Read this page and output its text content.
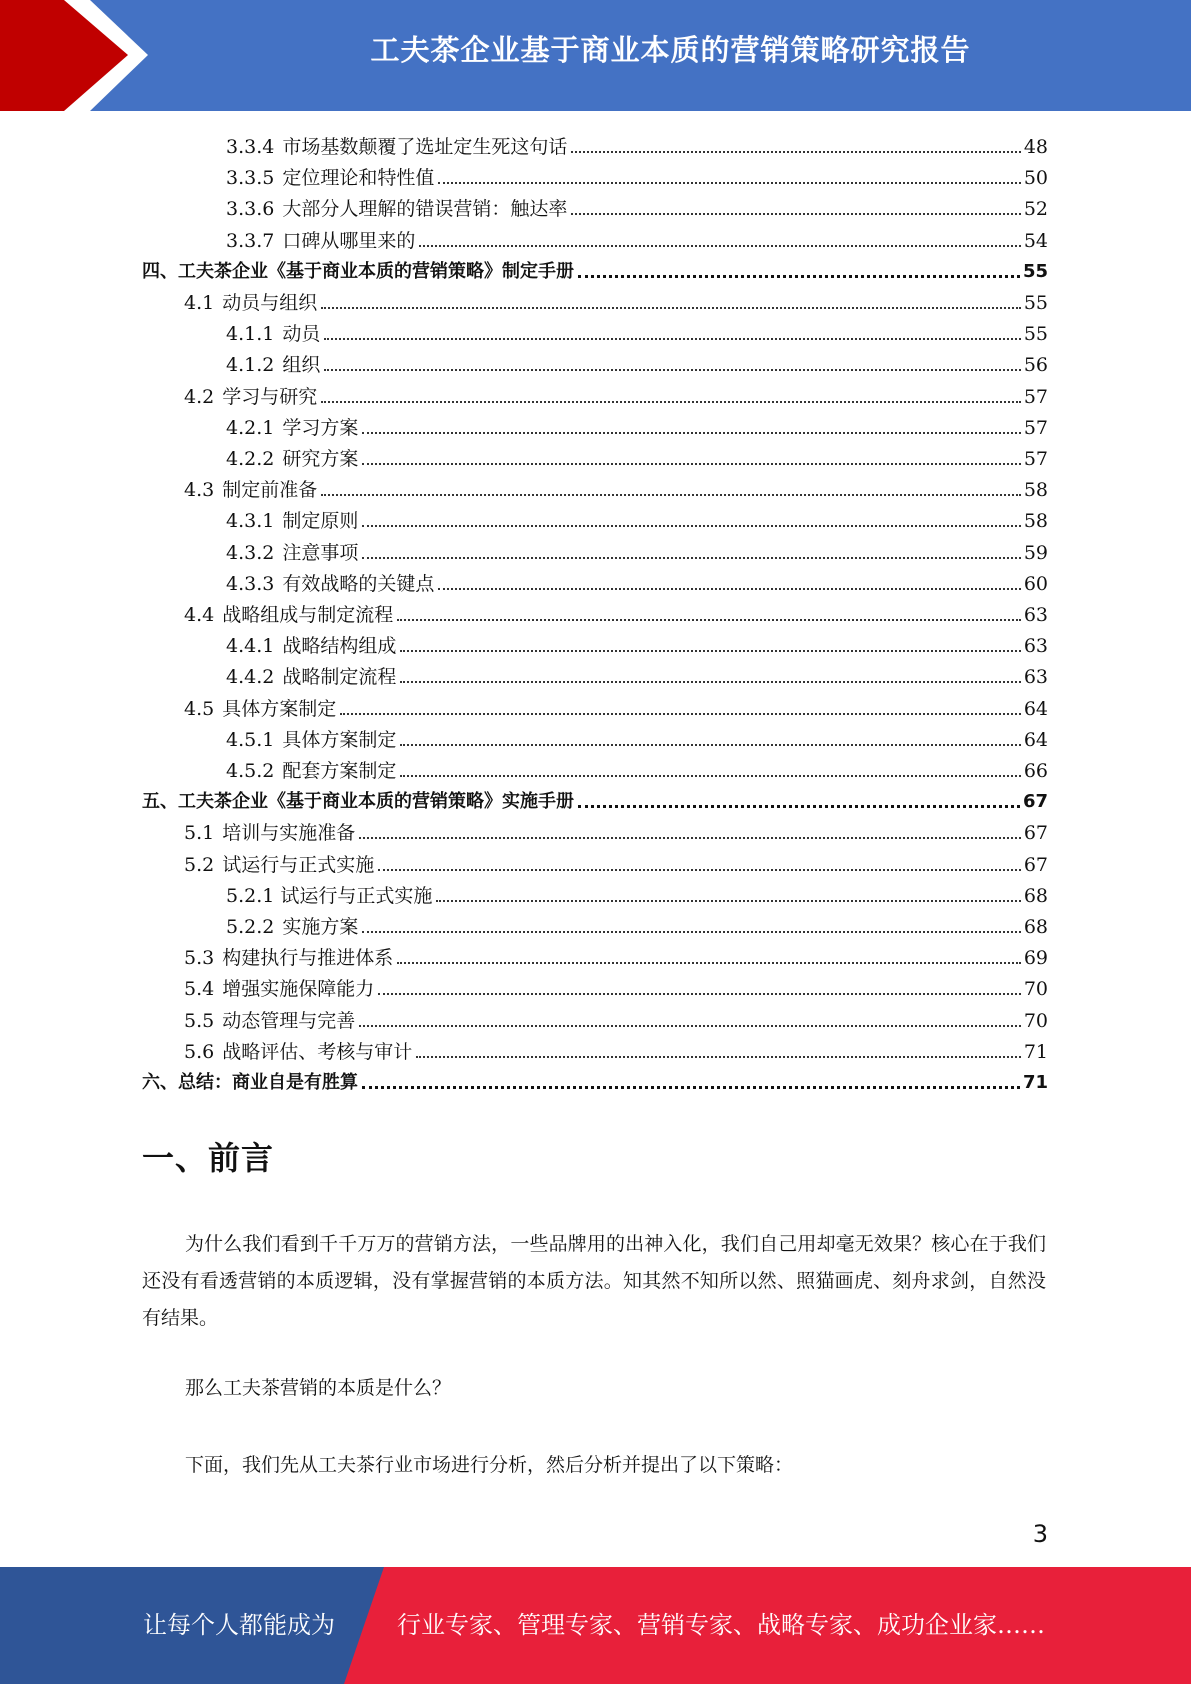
工夫茶企业基于商业本质的营销策略研究报告
3.3.4 市场基数颠覆了选址定生死这句话	48
3.3.5 定位理论和特性值	50
3.3.6 大部分人理解的错误营销：触达率	52
3.3.7 口碑从哪里来的	54
四、工夫茶企业《基于商业本质的营销策略》制定手册	55
4.1 动员与组织	55
4.1.1 动员	55
4.1.2 组织	56
4.2 学习与研究	57
4.2.1 学习方案	57
4.2.2 研究方案	57
4.3 制定前准备	58
4.3.1 制定原则	58
4.3.2 注意事项	59
4.3.3 有效战略的关键点	60
4.4 战略组成与制定流程	63
4.4.1 战略结构组成	63
4.4.2 战略制定流程	63
4.5 具体方案制定	64
4.5.1 具体方案制定	64
4.5.2 配套方案制定	66
五、工夫茶企业《基于商业本质的营销策略》实施手册	67
5.1 培训与实施准备	67
5.2 试运行与正式实施	67
5.2.1 试运行与正式实施	68
5.2.2 实施方案	68
5.3 构建执行与推进体系	69
5.4 增强实施保障能力	70
5.5 动态管理与完善	70
5.6 战略评估、考核与审计	71
六、总结：商业自是有胜算	71
一、前言
为什么我们看到千千万万的营销方法，一些品牌用的出神入化，我们自己用却毫无效果？核心在于我们还没有看透营销的本质逻辑，没有掌握营销的本质方法。知其然不知所以然、照猫画虎、刻舟求剑，自然没有结果。
那么工夫茶营销的本质是什么？
下面，我们先从工夫茶行业市场进行分析，然后分析并提出了以下策略：
3
让每个人都能成为	行业专家、管理专家、营销专家、战略专家、成功企业家……
